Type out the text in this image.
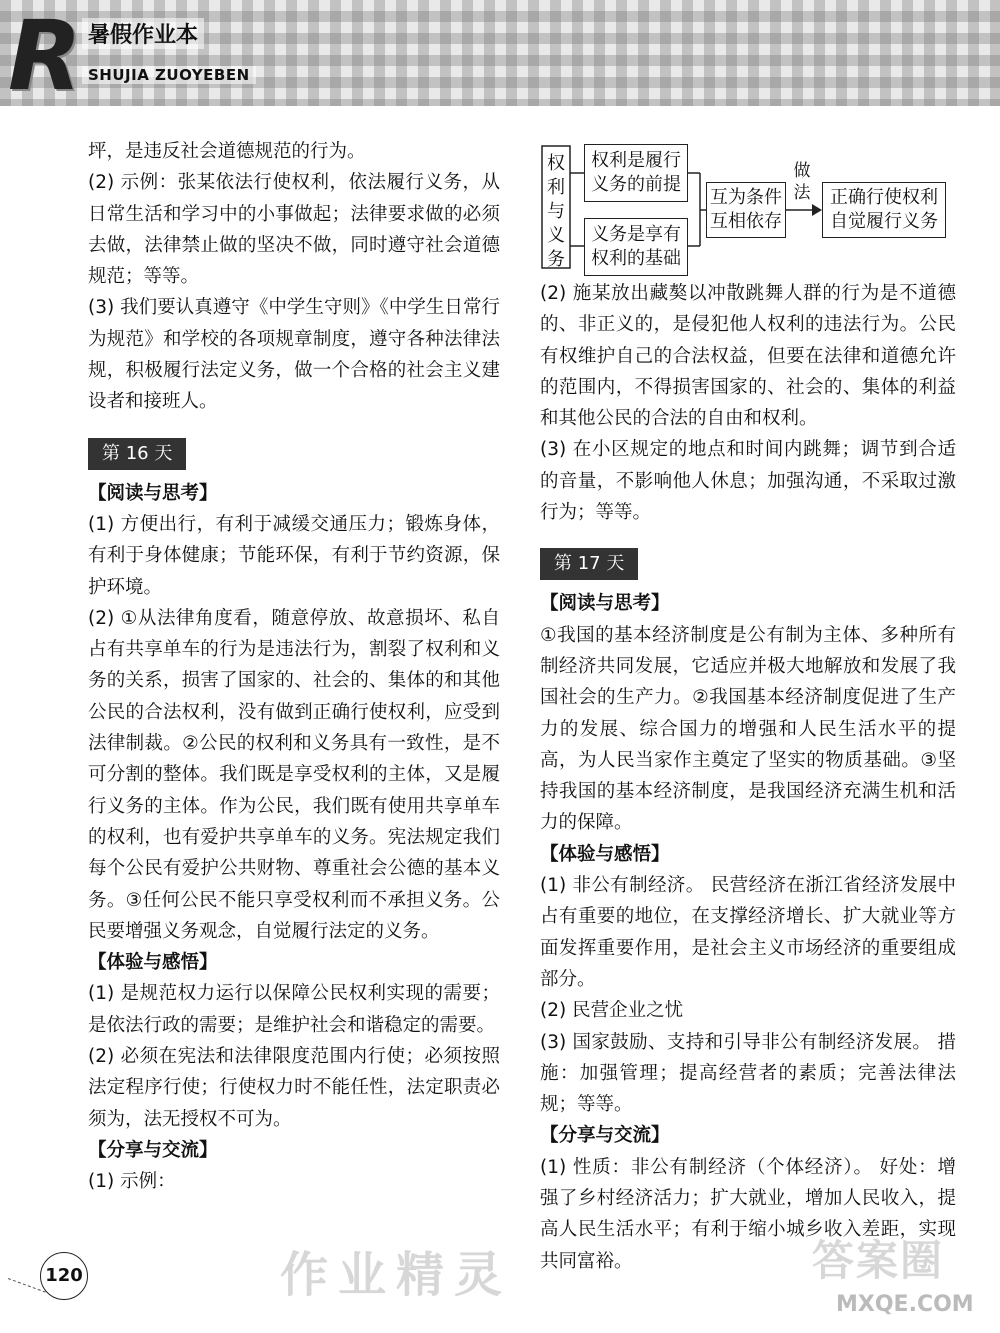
R 暑假作业本
SHUJIA ZUOYEBEN

坪，是违反社会道德规范的行为。

(2) 示例：张某依法行使权利，依法履行义务，从日常生活和学习中的小事做起；法律要求做的必须去做，法律禁止做的坚决不做，同时遵守社会道德规范；等等。

(3) 我们要认真遵守《中学生守则》《中学生日常行为规范》和学校的各项规章制度，遵守各种法律法规，积极履行法定义务，做一个合格的社会主义建设者和接班人。

第 16 天

【阅读与思考】

(1) 方便出行，有利于减缓交通压力；锻炼身体，有利于身体健康；节能环保，有利于节约资源，保护环境。

(2) ①从法律角度看，随意停放、故意损坏、私自占有共享单车的行为是违法行为，割裂了权利和义务的关系，损害了国家的、社会的、集体的和其他公民的合法权利，没有做到正确行使权利，应受到法律制裁。②公民的权利和义务具有一致性，是不可分割的整体。我们既是享受权利的主体，又是履行义务的主体。作为公民，我们既有使用共享单车的权利，也有爱护共享单车的义务。宪法规定我们每个公民有爱护公共财物、尊重社会公德的基本义务。③任何公民不能只享受权利而不承担义务。公民要增强义务观念，自觉履行法定的义务。

【体验与感悟】

(1) 是规范权力运行以保障公民权利实现的需要；是依法行政的需要；是维护社会和谐稳定的需要。

(2) 必须在宪法和法律限度范围内行使；必须按照法定程序行使；行使权力时不能任性，法定职责必须为，法无授权不可为。

【分享与交流】

(1) 示例：

权利与义务
权利是履行义务的前提
义务是享有权利的基础
互为条件互相依存
做法	正确行使权利自觉履行义务

(2) 施某放出藏獒以冲散跳舞人群的行为是不道德的、非正义的，是侵犯他人权利的违法行为。公民有权维护自己的合法权益，但要在法律和道德允许的范围内，不得损害国家的、社会的、集体的利益和其他公民的合法的自由和权利。

(3) 在小区规定的地点和时间内跳舞；调节到合适的音量，不影响他人休息；加强沟通，不采取过激行为；等等。

第 17 天

【阅读与思考】

①我国的基本经济制度是公有制为主体、多种所有制经济共同发展，它适应并极大地解放和发展了我国社会的生产力。②我国基本经济制度促进了生产力的发展、综合国力的增强和人民生活水平的提高，为人民当家作主奠定了坚实的物质基础。③坚持我国的基本经济制度，是我国经济充满生机和活力的保障。

【体验与感悟】

(1) 非公有制经济。 民营经济在浙江省经济发展中占有重要的地位，在支撑经济增长、扩大就业等方面发挥重要作用，是社会主义市场经济的重要组成部分。

(2) 民营企业之忧

(3) 国家鼓励、支持和引导非公有制经济发展。 措施：加强管理；提高经营者的素质；完善法律法规；等等。

【分享与交流】

(1) 性质：非公有制经济（个体经济）。 好处：增强了乡村经济活力；扩大就业，增加人民收入，提高人民生活水平；有利于缩小城乡收入差距，实现共同富裕。

120	作业精灵	答案圈
MXQE.COM
